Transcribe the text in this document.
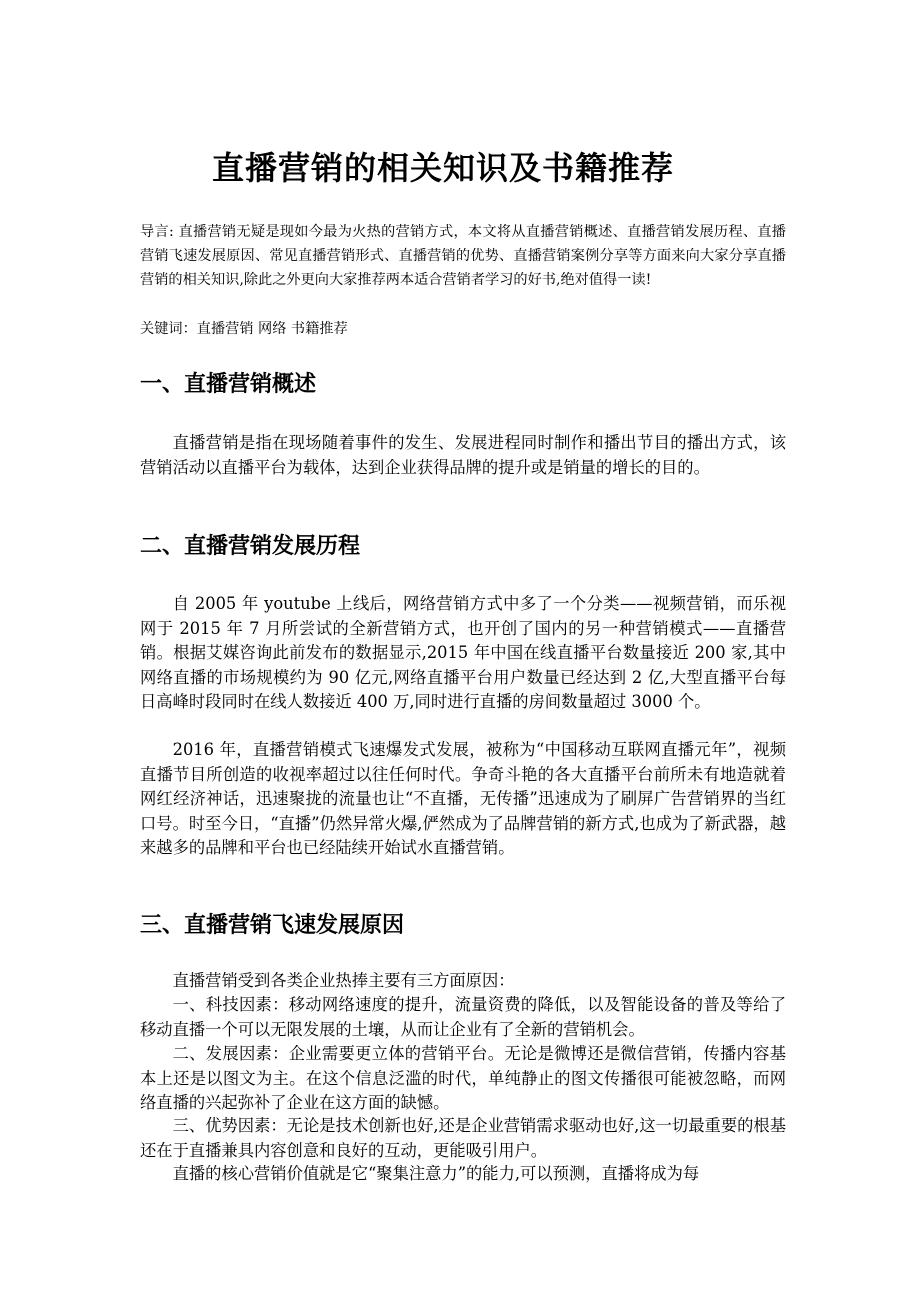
直播营销的相关知识及书籍推荐

导言: 直播营销无疑是现如今最为火热的营销方式，本文将从直播营销概述、直播营销发展历程、直播营销飞速发展原因、常见直播营销形式、直播营销的优势、直播营销案例分享等方面来向大家分享直播营销的相关知识,除此之外更向大家推荐两本适合营销者学习的好书,绝对值得一读!

关键词：直播营销 网络 书籍推荐

一、直播营销概述

直播营销是指在现场随着事件的发生、发展进程同时制作和播出节目的播出方式，该营销活动以直播平台为载体，达到企业获得品牌的提升或是销量的增长的目的。

二、直播营销发展历程

自 2005 年 youtube 上线后，网络营销方式中多了一个分类——视频营销，而乐视网于 2015 年 7 月所尝试的全新营销方式，也开创了国内的另一种营销模式——直播营销。根据艾媒咨询此前发布的数据显示,2015 年中国在线直播平台数量接近 200 家,其中网络直播的市场规模约为 90 亿元,网络直播平台用户数量已经达到 2 亿,大型直播平台每日高峰时段同时在线人数接近 400 万,同时进行直播的房间数量超过 3000 个。

2016 年，直播营销模式飞速爆发式发展，被称为“中国移动互联网直播元年”，视频直播节目所创造的收视率超过以往任何时代。争奇斗艳的各大直播平台前所未有地造就着网红经济神话，迅速聚拢的流量也让“不直播，无传播”迅速成为了刷屏广告营销界的当红口号。时至今日，“直播”仍然异常火爆,俨然成为了品牌营销的新方式,也成为了新武器，越来越多的品牌和平台也已经陆续开始试水直播营销。

三、直播营销飞速发展原因

直播营销受到各类企业热捧主要有三方面原因：

一、科技因素：移动网络速度的提升，流量资费的降低，以及智能设备的普及等给了移动直播一个可以无限发展的土壤，从而让企业有了全新的营销机会。

二、发展因素：企业需要更立体的营销平台。无论是微博还是微信营销，传播内容基本上还是以图文为主。在这个信息泛滥的时代，单纯静止的图文传播很可能被忽略，而网络直播的兴起弥补了企业在这方面的缺憾。

三、优势因素：无论是技术创新也好,还是企业营销需求驱动也好,这一切最重要的根基还在于直播兼具内容创意和良好的互动，更能吸引用户。

直播的核心营销价值就是它“聚集注意力”的能力,可以预测，直播将成为每
